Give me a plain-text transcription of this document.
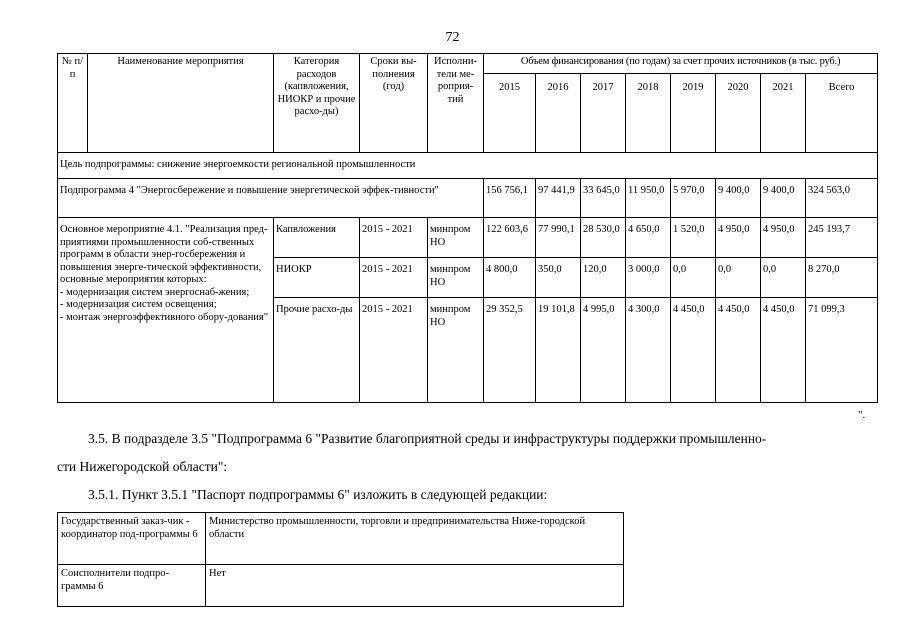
72
№ п/п	Наименование мероприятия	Категория расходов (капвложения, НИОКР и прочие расхо-ды)	Сроки вы-полнения (год)	Исполни-тели ме-роприя-тий	Объем финансирования (по годам) за счет прочих источников (в тыс. руб.)							
					2015	2016	2017	2018	2019	2020	2021	Всего
Цель подпрограммы: снижение энергоемкости региональной промышленности												
Подпрограмма 4 "Энергосбережение и повышение энергетической эффек-тивности"					156 756,1	97 441,9	33 645,0	11 950,0	5 970,0	9 400,0	9 400,0	324 563,0
Основное мероприятие 4.1. "Реализация пред-приятиями промышленности соб-ственных программ в области энер-госбережения и повышения энерге-тической эффективности, основные мероприятия которых:
- модернизация систем энергоснаб-жения;
- модернизация систем освещения;
- монтаж энергоэффективного обору-дования"		Капвложения	2015 - 2021	минпром НО	122 603,6	77 990,1	28 530,0	4 650,0	1 520,0	4 950,0	4 950,0	245 193,7
		НИОКР	2015 - 2021	минпром НО	4 800,0	350,0	120,0	3 000,0	0,0	0,0	0,0	8 270,0
		Прочие расхо-ды	2015 - 2021	минпром НО	29 352,5	19 101,8	4 995,0	4 300,0	4 450,0	4 450,0	4 450,0	71 099,3
".
3.5. В подразделе 3.5 "Подпрограмма 6 "Развитие благоприятной среды и инфраструктуры поддержки промышленно-
сти Нижегородской области":
3.5.1. Пункт 3.5.1 "Паспорт подпрограммы 6" изложить в следующей редакции:
Государственный заказ-чик - координатор под-программы 6	Министерство промышленности, торговли и предпринимательства Ниже-городской области
Соисполнители подпро-граммы 6	Нет
